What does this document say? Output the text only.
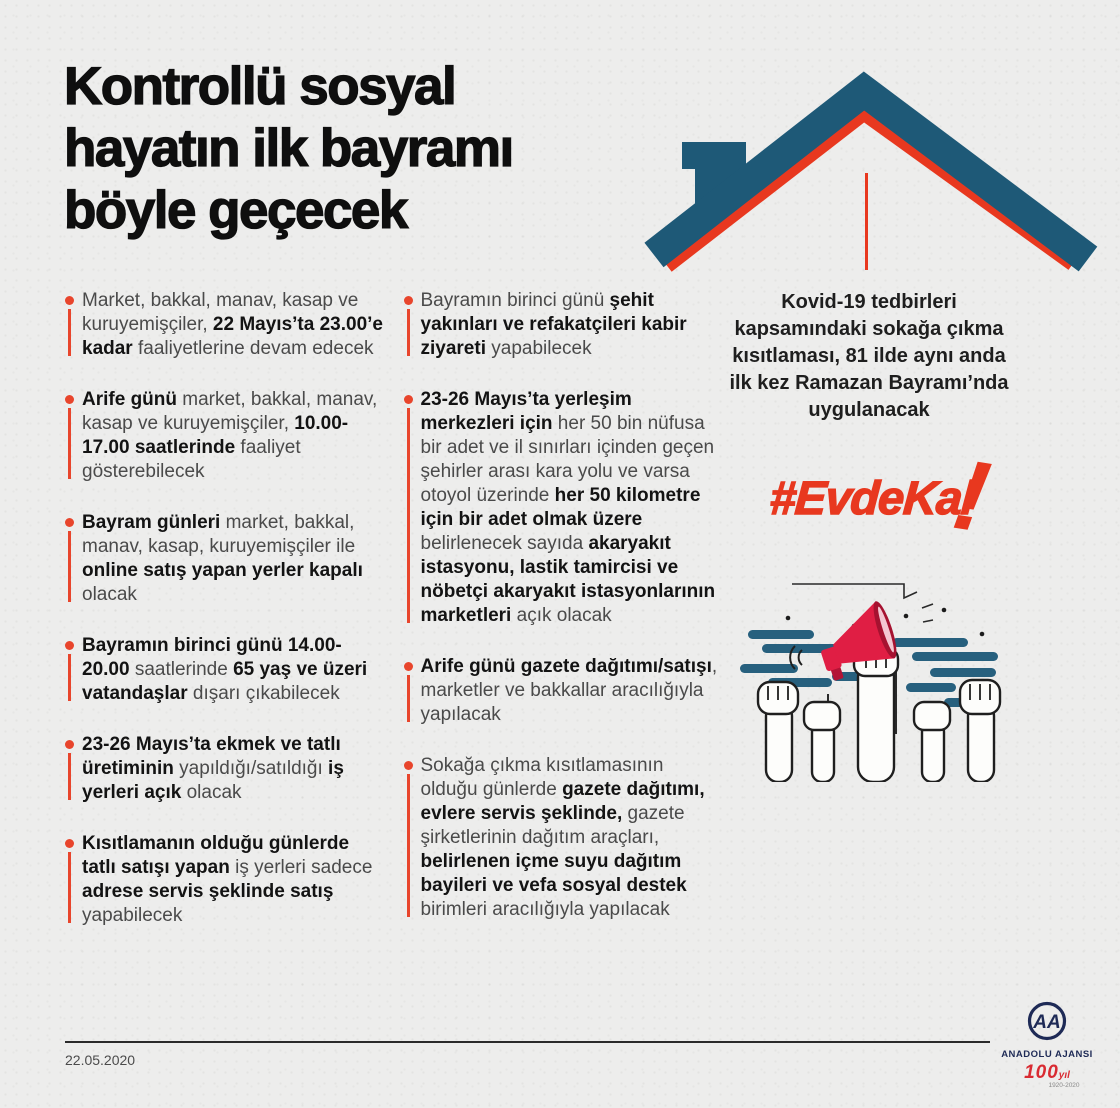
Kontrollü sosyal
hayatın ilk bayramı
böyle geçecek

Market, bakkal, manav, kasap ve kuruyemişçiler, 22 Mayıs’ta 23.00’e kadar faaliyetlerine devam edecek

Arife günü market, bakkal, manav, kasap ve kuruyemişçiler, 10.00-17.00 saatlerinde faaliyet gösterebilecek

Bayram günleri market, bakkal, manav, kasap, kuruyemişçiler ile online satış yapan yerler kapalı olacak

Bayramın birinci günü 14.00-20.00 saatlerinde 65 yaş ve üzeri vatandaşlar dışarı çıkabilecek

23-26 Mayıs’ta ekmek ve tatlı üretiminin yapıldığı/satıldığı iş yerleri açık olacak

Kısıtlamanın olduğu günlerde tatlı satışı yapan iş yerleri sadece adrese servis şeklinde satış yapabilecek

Bayramın birinci günü şehit yakınları ve refakatçileri kabir ziyareti yapabilecek

23-26 Mayıs’ta yerleşim merkezleri için her 50 bin nüfusa bir adet ve il sınırları içinden geçen şehirler arası kara yolu ve varsa otoyol üzerinde her 50 kilometre için bir adet olmak üzere belirlenecek sayıda akaryakıt istasyonu, lastik tamircisi ve nöbetçi akaryakıt istasyonlarının marketleri açık olacak

Arife günü gazete dağıtımı/satışı, marketler ve bakkallar aracılığıyla yapılacak

Sokağa çıkma kısıtlamasının olduğu günlerde gazete dağıtımı, evlere servis şeklinde, gazete şirketlerinin dağıtım araçları, belirlenen içme suyu dağıtım bayileri ve vefa sosyal destek birimleri aracılığıyla yapılacak

Kovid-19 tedbirleri kapsamındaki sokağa çıkma kısıtlaması, 81 ilde aynı anda ilk kez Ramazan Bayramı’nda uygulanacak

#EvdeKal
!
22.05.2020
AA
ANADOLU AJANSI
100yıl
1920-2020
